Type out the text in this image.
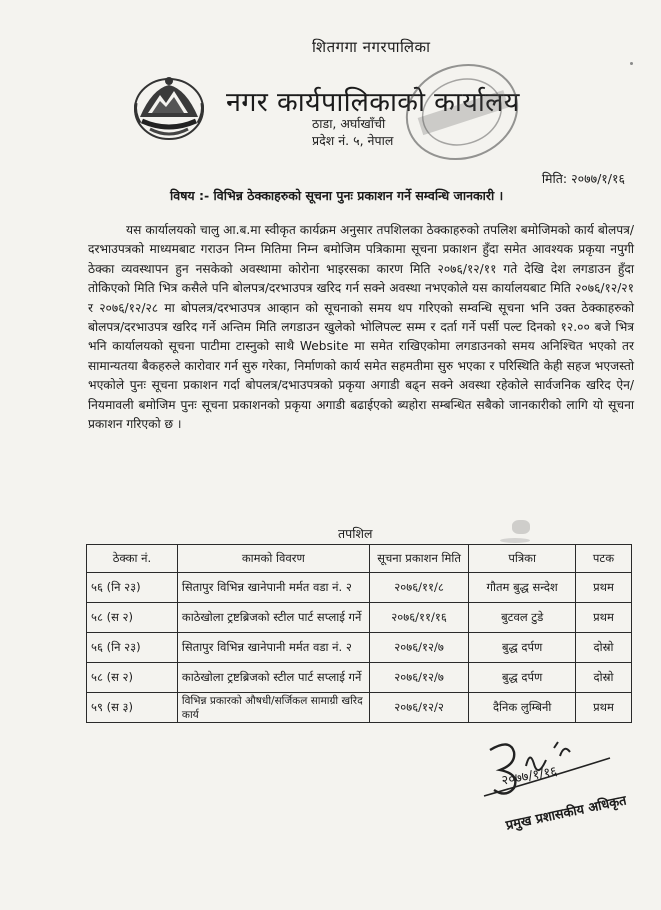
शितगगा नगरपालिका
नगर कार्यपालिकाको कार्यालय
ठाडा, अर्घाखाँची
प्रदेश नं. ५, नेपाल
मिति: २०७७/१/१६
विषय :- विभिन्न ठेक्काहरुको सूचना पुनः प्रकाशन गर्ने सम्वन्धि जानकारी ।
यस कार्यालयको चालु आ.ब.मा स्वीकृत कार्यक्रम अनुसार तपशिलका ठेक्काहरुको तपलिश बमोजिमको कार्य बोलपत्र/दरभाउपत्रको माध्यमबाट गराउन निम्न मितिमा निम्न बमोजिम पत्रिकामा सूचना प्रकाशन हुँदा समेत आवश्यक प्रकृया नपुगी ठेक्का व्यवस्थापन हुन नसकेको अवस्थामा कोरोना भाइरसका कारण मिति २०७६/१२/११ गते देखि देश लगडाउन हुँदा तोकिएको मिति भित्र कसैले पनि बोलपत्र/दरभाउपत्र खरिद गर्न सक्ने अवस्था नभएकोले यस कार्यालयबाट मिति २०७६/१२/२१ र २०७६/१२/२८ मा बोपलत्र/दरभाउपत्र आव्हान को सूचनाको समय थप गरिएको सम्वन्धि सूचना भनि उक्त ठेक्काहरुको बोलपत्र/दरभाउपत्र खरिद गर्ने अन्तिम मिति लगडाउन खुलेको भोलिपल्ट सम्म र दर्ता गर्ने पर्सी पल्ट दिनको १२.०० बजे भित्र भनि कार्यालयको सूचना पाटीमा टास्नुको साथै Website मा समेत राखिएकोमा लगडाउनको समय अनिश्चित भएको तर सामान्यतया बैकहरुले कारोवार गर्न सुरु गरेका, निर्माणको कार्य समेत सहमतीमा सुरु भएका र परिस्थिति केही सहज भएजस्तो भएकोले पुनः सूचना प्रकाशन गर्दा बोपलत्र/दभाउपत्रको प्रकृया अगाडी बढ्न सक्ने अवस्था रहेकोले सार्वजनिक खरिद ऐन/ नियमावली बमोजिम पुनः सूचना प्रकाशनको प्रकृया अगाडी बढाईएको ब्यहोरा सम्बन्धित सबैको जानकारीको लागि यो सूचना प्रकाशन गरिएको छ ।
तपशिल
ठेक्का नं.	कामको विवरण	सूचना प्रकाशन मिति	पत्रिका	पटक
५६ (नि २३)	सितापुर विभिन्न खानेपानी मर्मत वडा नं. २	२०७६/११/८	गौतम बुद्ध सन्देश	प्रथम
५८ (स २)	काठेखोला ट्रष्टब्रिजको स्टील पार्ट सप्लाई गर्ने	२०७६/११/१६	बुटवल टुडे	प्रथम
५६ (नि २३)	सितापुर विभिन्न खानेपानी मर्मत वडा नं. २	२०७६/१२/७	बुद्ध दर्पण	दोस्रो
५८ (स २)	काठेखोला ट्रष्टब्रिजको स्टील पार्ट सप्लाई गर्ने	२०७६/१२/७	बुद्ध दर्पण	दोस्रो
५९ (स ३)	विभिन्न प्रकारको औषधी/सर्जिकल सामाग्री खरिद कार्य	२०७६/१२/२	दैनिक लुम्बिनी	प्रथम
२०७७/१/१६
प्रमुख प्रशासकीय अधिकृत
